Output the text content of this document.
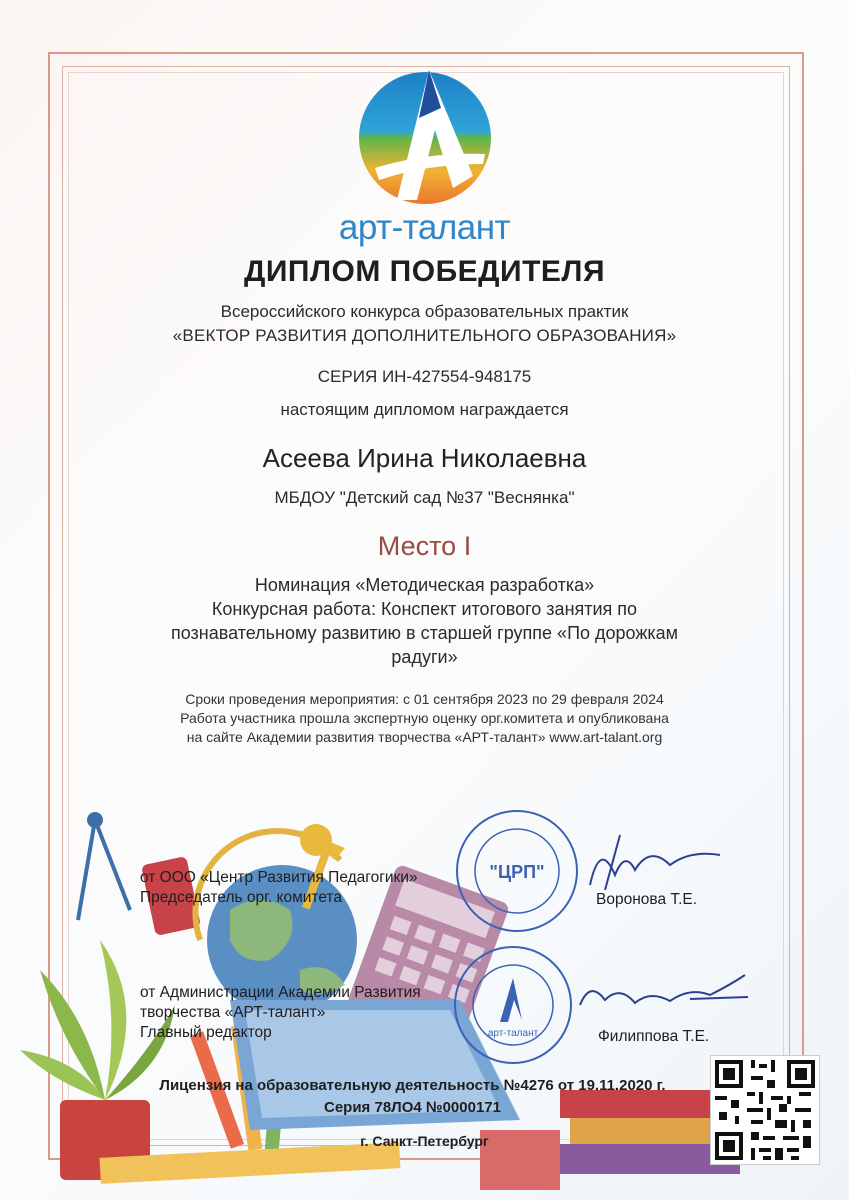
арт-талант
ДИПЛОМ ПОБЕДИТЕЛЯ
Всероссийского конкурса образовательных практик
«ВЕКТОР РАЗВИТИЯ ДОПОЛНИТЕЛЬНОГО ОБРАЗОВАНИЯ»
СЕРИЯ ИН-427554-948175
настоящим дипломом награждается
Асеева Ирина Николаевна
МБДОУ "Детский сад №37 "Веснянка"
Место I
Номинация «Методическая разработка»
Конкурсная работа: Конспект итогового занятия по
познавательному развитию в старшей группе «По дорожкам
радуги»
Сроки проведения мероприятия: с 01 сентября 2023 по 29 февраля 2024
Работа участника прошла экспертную оценку орг.комитета и опубликована
на сайте Академии развития творчества «АРТ-талант» www.art-talant.org
от ООО «Центр Развития Педагогики»
Председатель орг. комитета	Воронова Т.Е.
"ЦРП"
от Администрации Академии Развития
творчества «АРТ-талант»
Главный редактор	Филиппова Т.Е.
арт-талант
Лицензия на образовательную деятельность №4276 от 19.11.2020 г.
Серия 78ЛО4 №0000171
г. Санкт-Петербург
